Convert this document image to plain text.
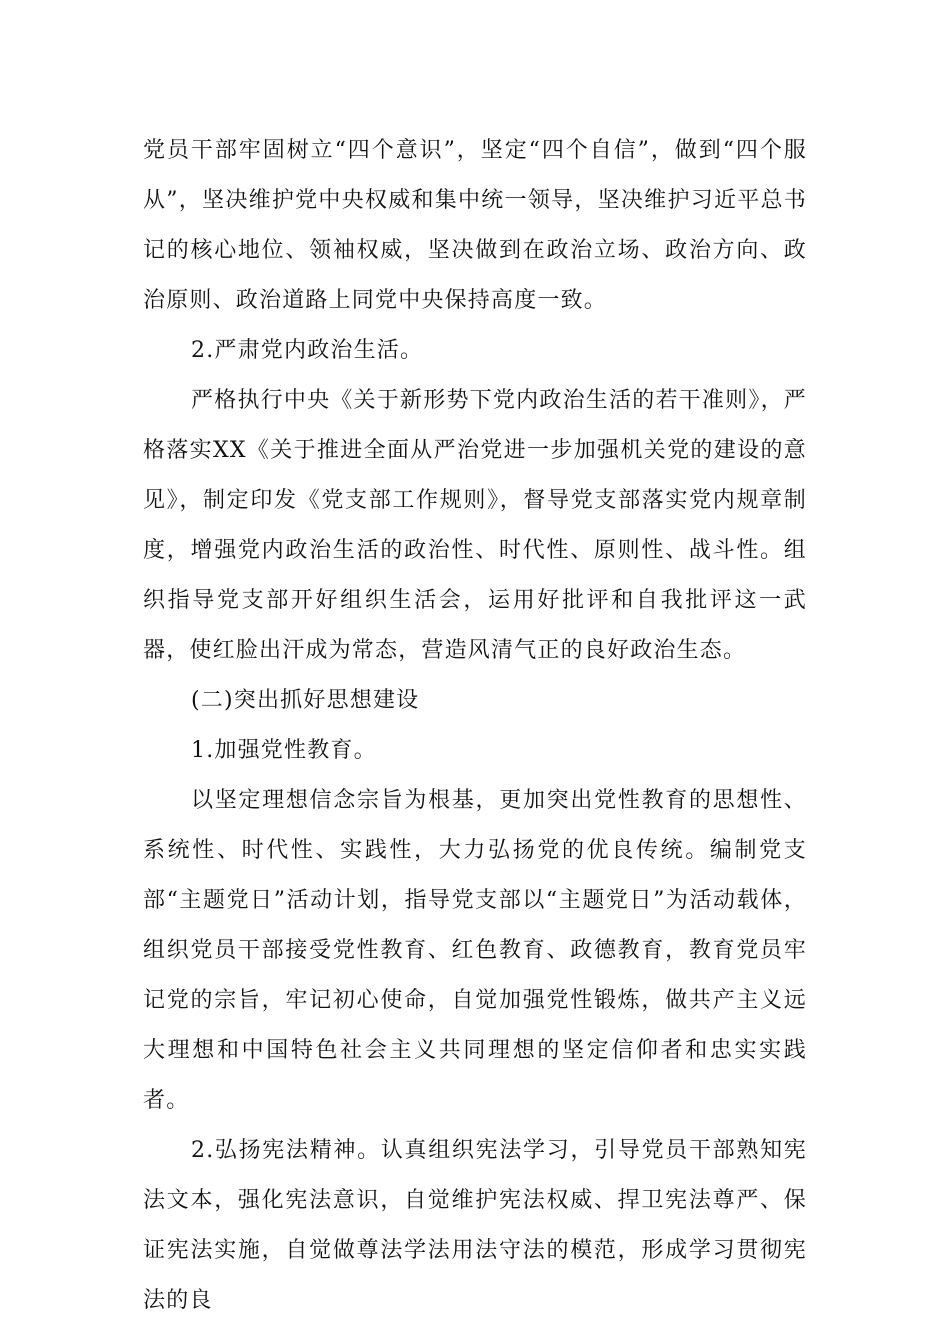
党员干部牢固树立“四个意识”，坚定“四个自信”，做到“四个服从”，坚决维护党中央权威和集中统一领导，坚决维护习近平总书记的核心地位、领袖权威，坚决做到在政治立场、政治方向、政治原则、政治道路上同党中央保持高度一致。

2.严肃党内政治生活。

严格执行中央《关于新形势下党内政治生活的若干准则》，严格落实XX《关于推进全面从严治党进一步加强机关党的建设的意见》，制定印发《党支部工作规则》，督导党支部落实党内规章制度，增强党内政治生活的政治性、时代性、原则性、战斗性。组织指导党支部开好组织生活会，运用好批评和自我批评这一武器，使红脸出汗成为常态，营造风清气正的良好政治生态。

(二)突出抓好思想建设

1.加强党性教育。

以坚定理想信念宗旨为根基，更加突出党性教育的思想性、系统性、时代性、实践性，大力弘扬党的优良传统。编制党支部“主题党日”活动计划，指导党支部以“主题党日”为活动载体，组织党员干部接受党性教育、红色教育、政德教育，教育党员牢记党的宗旨，牢记初心使命，自觉加强党性锻炼，做共产主义远大理想和中国特色社会主义共同理想的坚定信仰者和忠实实践者。

2.弘扬宪法精神。认真组织宪法学习，引导党员干部熟知宪法文本，强化宪法意识，自觉维护宪法权威、捍卫宪法尊严、保证宪法实施，自觉做尊法学法用法守法的模范，形成学习贯彻宪法的良
